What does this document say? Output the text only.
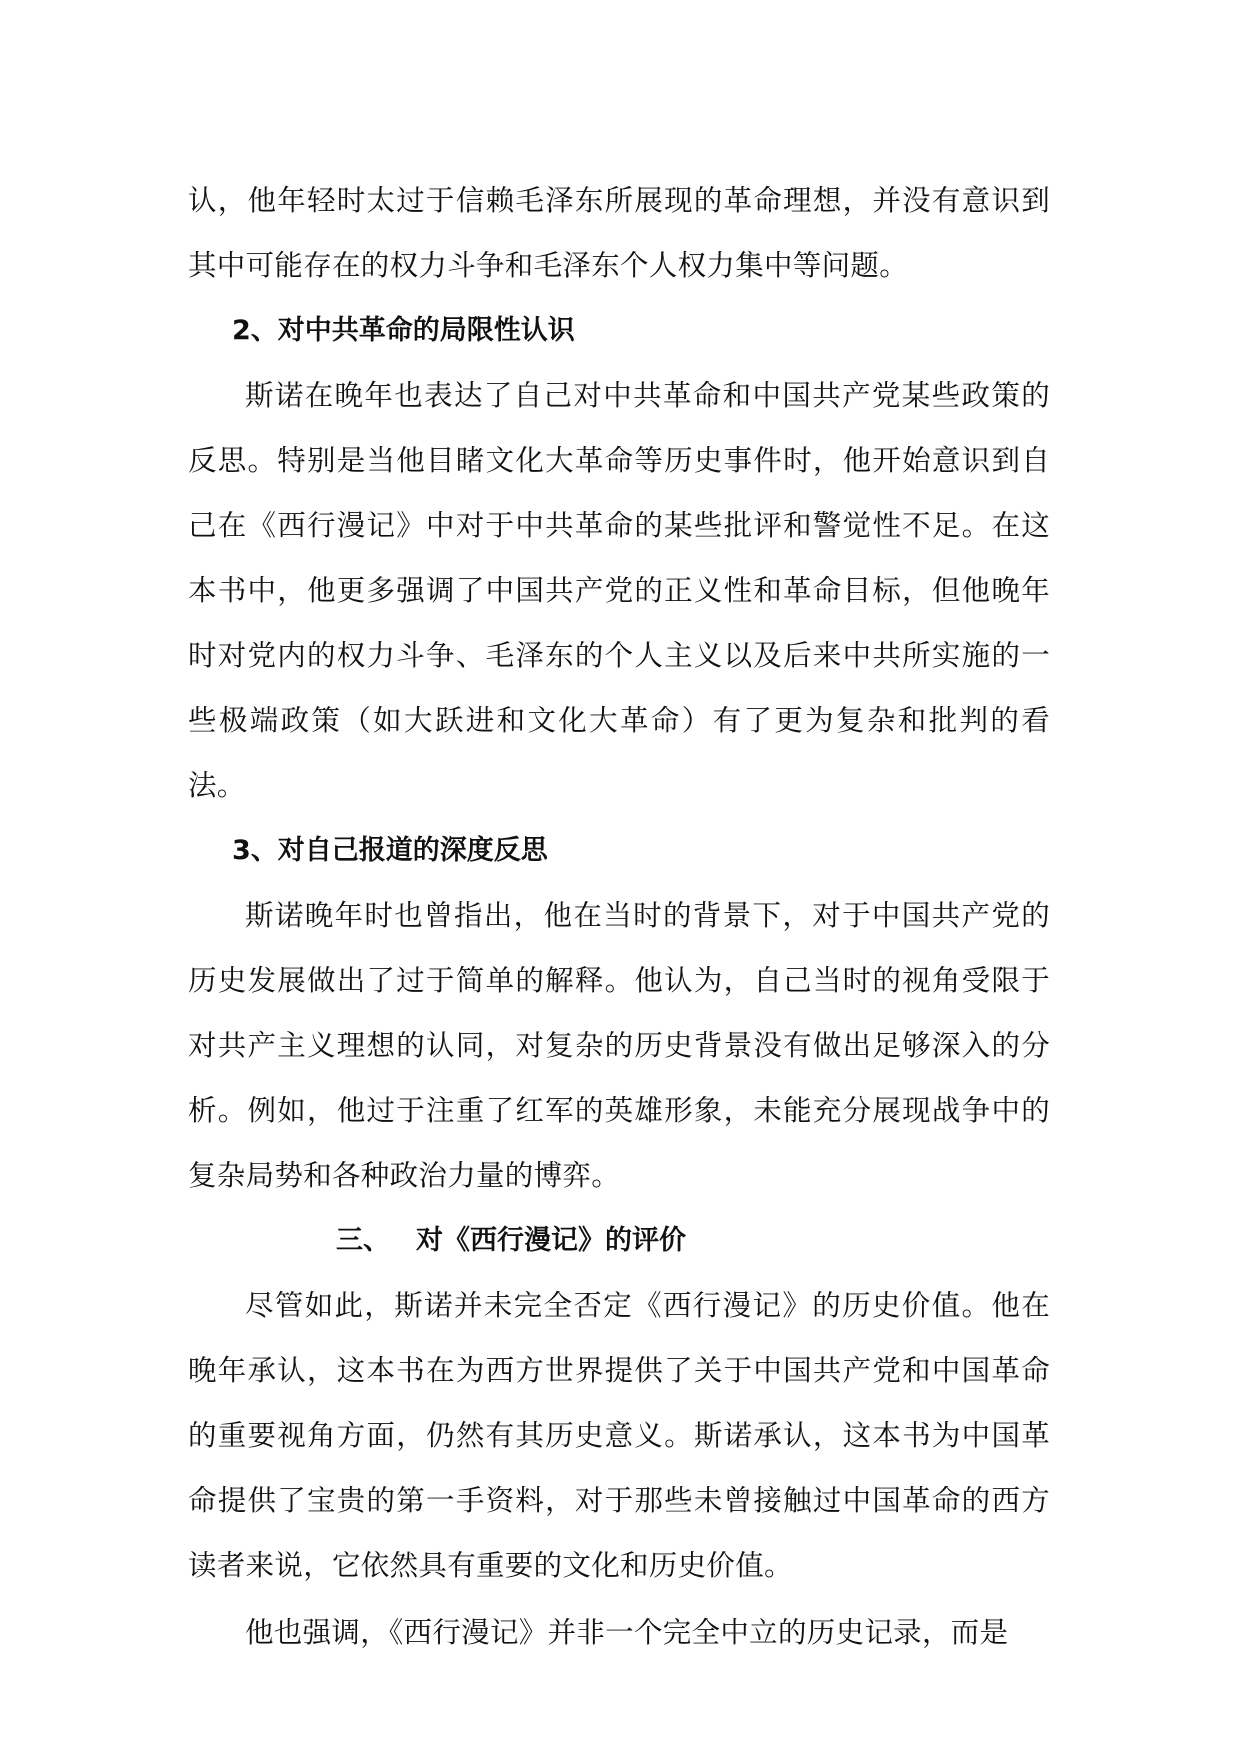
认，他年轻时太过于信赖毛泽东所展现的革命理想，并没有意识到其中可能存在的权力斗争和毛泽东个人权力集中等问题。

2、对中共革命的局限性认识

斯诺在晚年也表达了自己对中共革命和中国共产党某些政策的反思。特别是当他目睹文化大革命等历史事件时，他开始意识到自己在《西行漫记》中对于中共革命的某些批评和警觉性不足。在这本书中，他更多强调了中国共产党的正义性和革命目标，但他晚年时对党内的权力斗争、毛泽东的个人主义以及后来中共所实施的一些极端政策（如大跃进和文化大革命）有了更为复杂和批判的看法。

3、对自己报道的深度反思

斯诺晚年时也曾指出，他在当时的背景下，对于中国共产党的历史发展做出了过于简单的解释。他认为，自己当时的视角受限于对共产主义理想的认同，对复杂的历史背景没有做出足够深入的分析。例如，他过于注重了红军的英雄形象，未能充分展现战争中的复杂局势和各种政治力量的博弈。

三、 对《西行漫记》的评价

尽管如此，斯诺并未完全否定《西行漫记》的历史价值。他在晚年承认，这本书在为西方世界提供了关于中国共产党和中国革命的重要视角方面，仍然有其历史意义。斯诺承认，这本书为中国革命提供了宝贵的第一手资料，对于那些未曾接触过中国革命的西方读者来说，它依然具有重要的文化和历史价值。

他也强调，《西行漫记》并非一个完全中立的历史记录，而是
